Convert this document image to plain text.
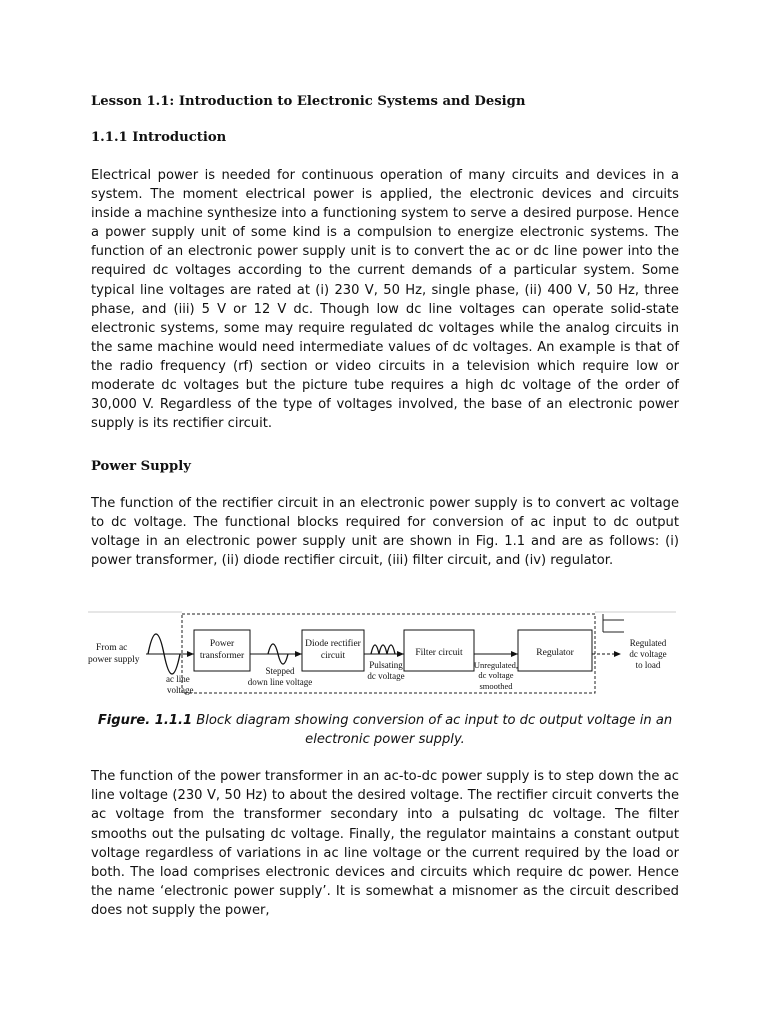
Lesson 1.1: Introduction to Electronic Systems and Design
1.1.1 Introduction

Electrical power is needed for continuous operation of many circuits and devices in a system. The moment electrical power is applied, the electronic devices and circuits inside a machine synthesize into a functioning system to serve a desired purpose. Hence a power supply unit of some kind is a compulsion to energize electronic systems. The function of an electronic power supply unit is to convert the ac or dc line power into the required dc voltages according to the current demands of a particular system. Some typical line voltages are rated at (i) 230 V, 50 Hz, single phase, (ii) 400 V, 50 Hz, three phase, and (iii) 5 V or 12 V dc. Though low dc line voltages can operate solid-state electronic systems, some may require regulated dc voltages while the analog circuits in the same machine would need intermediate values of dc voltages. An example is that of the radio frequency (rf) section or video circuits in a television which require low or moderate dc voltages but the picture tube requires a high dc voltage of the order of 30,000 V. Regardless of the type of voltages involved, the base of an electronic power supply is its rectifier circuit.

Power Supply

The function of the rectifier circuit in an electronic power supply is to convert ac voltage to dc voltage. The functional blocks required for conversion of ac input to dc output voltage in an electronic power supply unit are shown in Fig. 1.1 and are as follows: (i) power transformer, (ii) diode rectifier circuit, (iii) filter circuit, and (iv) regulator.

From ac
power supply
ac line
voltage
Power
transformer
Stepped
down line voltage
Diode rectifier
circuit
Pulsating
dc voltage
Filter circuit
Unregulated,
dc voltage
smoothed
Regulator
Regulated
dc voltage
to load
Figure. 1.1.1 Block diagram showing conversion of ac input to dc output voltage in an electronic power supply.

The function of the power transformer in an ac-to-dc power supply is to step down the ac line voltage (230 V, 50 Hz) to about the desired voltage. The rectifier circuit converts the ac voltage from the transformer secondary into a pulsating dc voltage. The filter smooths out the pulsating dc voltage. Finally, the regulator maintains a constant output voltage regardless of variations in ac line voltage or the current required by the load or both. The load comprises electronic devices and circuits which require dc power. Hence the name ‘electronic power supply’. It is somewhat a misnomer as the circuit described does not supply the power,
